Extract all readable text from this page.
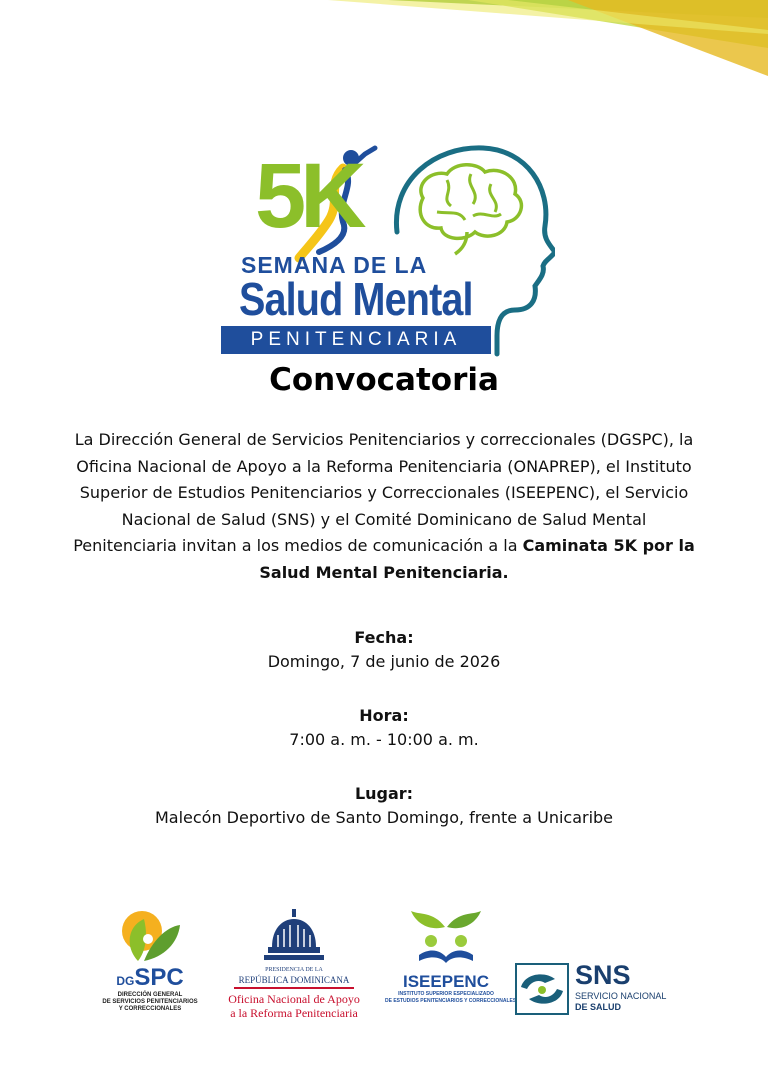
5K
SEMANA DE LA
Salud Mental
PENITENCIARIA
Convocatoria

La Dirección General de Servicios Penitenciarios y correccionales (DGSPC), la Oficina Nacional de Apoyo a la Reforma Penitenciaria (ONAPREP), el Instituto Superior de Estudios Penitenciarios y Correccionales (ISEEPENC), el Servicio Nacional de Salud (SNS) y el Comité Dominicano de Salud Mental Penitenciaria invitan a los medios de comunicación a la Caminata 5K por la Salud Mental Penitenciaria.

Fecha:
Domingo, 7 de junio de 2026
Hora:
7:00 a. m. - 10:00 a. m.
Lugar:
Malecón Deportivo de Santo Domingo, frente a Unicaribe
DGSPC
DIRECCIÓN GENERAL
DE SERVICIOS PENITENCIARIOS
Y CORRECCIONALES
PRESIDENCIA DE LA
REPÚBLICA DOMINICANA
Oficina Nacional de Apoyo
a la Reforma Penitenciaria
ISEEPENC
INSTITUTO SUPERIOR ESPECIALIZADO
DE ESTUDIOS PENITENCIARIOS Y CORRECCIONALES
SNS
SERVICIO NACIONAL
DE SALUD
